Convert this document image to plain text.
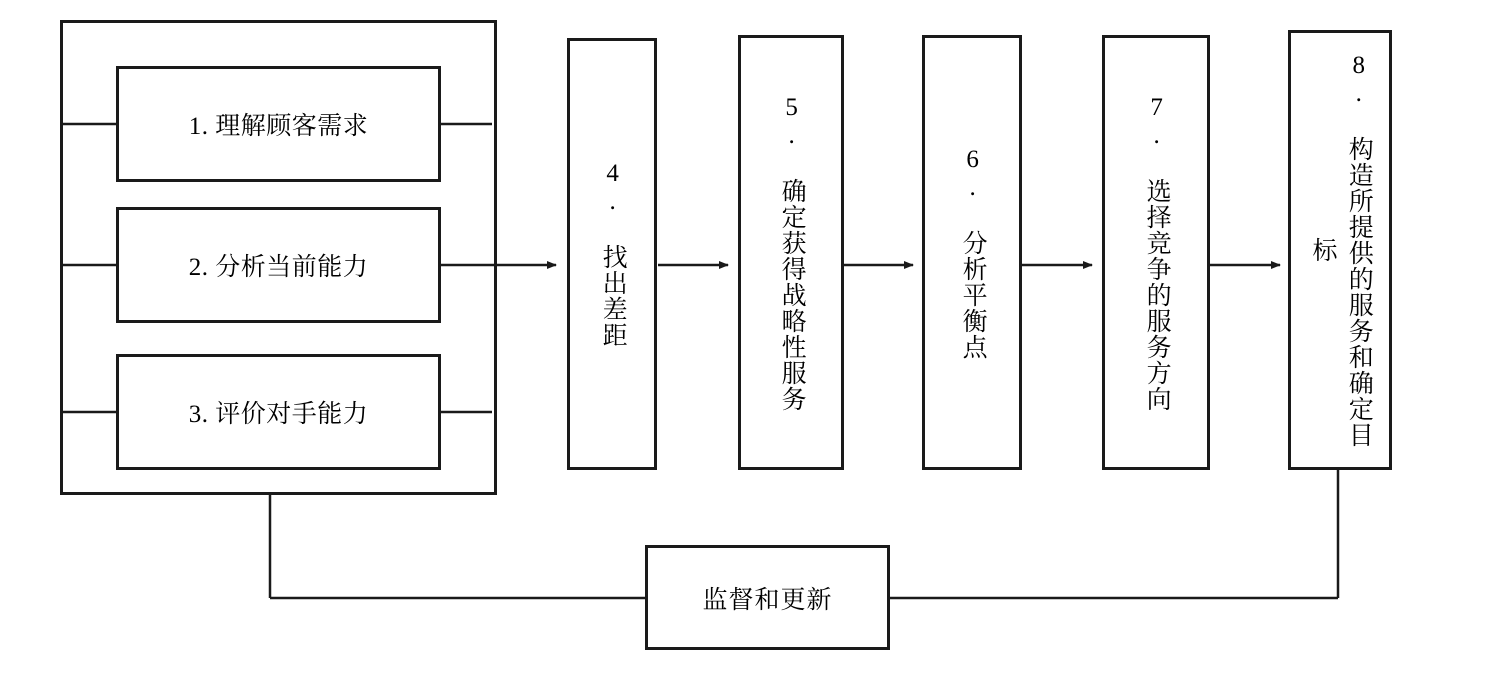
1. 理解顾客需求
2. 分析当前能力
3. 评价对手能力
4. 找出差距	5. 确定获得战略性服务	6. 分析平衡点	7. 选择竞争的服务方向	8. 构造所提供的服务和确定目标
监督和更新
